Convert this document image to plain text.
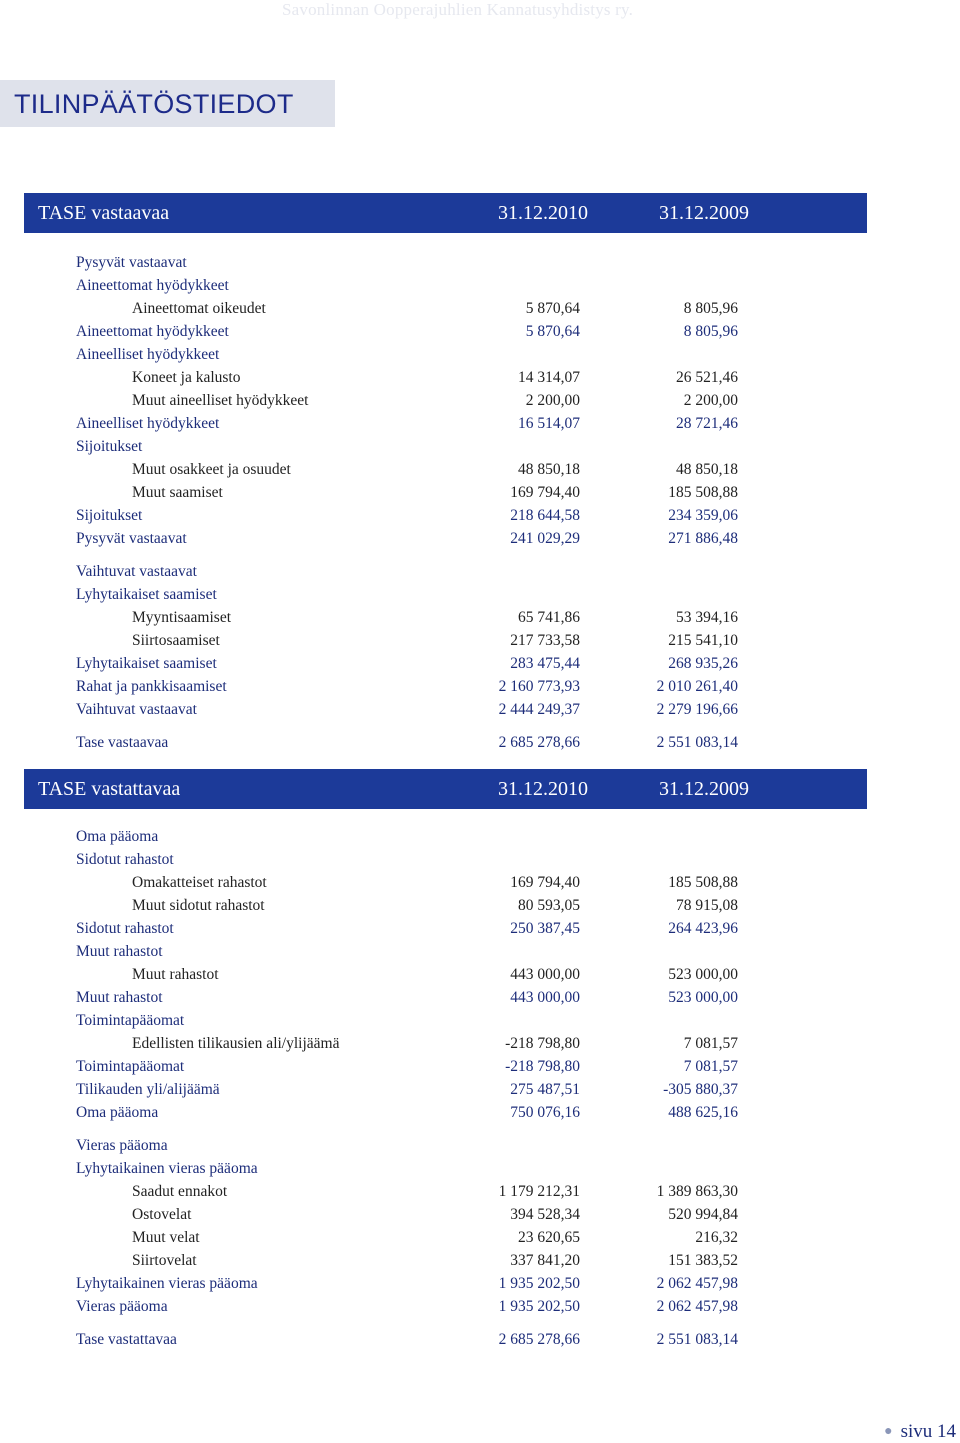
Savonlinnan Oopperajuhlien Kannatusyhdistys ry.
TILINPÄÄTÖSTIEDOT
TASE vastaavaa	31.12.2010	31.12.2009
TASE vastattavaa	31.12.2010	31.12.2009
Pysyvät vastaavat
Aineettomat hyödykkeet
Aineettomat oikeudet	5 870,64	8 805,96
Aineettomat hyödykkeet	5 870,64	8 805,96
Aineelliset hyödykkeet
Koneet ja kalusto	14 314,07	26 521,46
Muut aineelliset hyödykkeet	2 200,00	2 200,00
Aineelliset hyödykkeet	16 514,07	28 721,46
Sijoitukset
Muut osakkeet ja osuudet	48 850,18	48 850,18
Muut saamiset	169 794,40	185 508,88
Sijoitukset	218 644,58	234 359,06
Pysyvät vastaavat	241 029,29	271 886,48
Vaihtuvat vastaavat
Lyhytaikaiset saamiset
Myyntisaamiset	65 741,86	53 394,16
Siirtosaamiset	217 733,58	215 541,10
Lyhytaikaiset saamiset	283 475,44	268 935,26
Rahat ja pankkisaamiset	2 160 773,93	2 010 261,40
Vaihtuvat vastaavat	2 444 249,37	2 279 196,66
Tase vastaavaa	2 685 278,66	2 551 083,14
Oma pääoma
Sidotut rahastot
Omakatteiset rahastot	169 794,40	185 508,88
Muut sidotut rahastot	80 593,05	78 915,08
Sidotut rahastot	250 387,45	264 423,96
Muut rahastot
Muut rahastot	443 000,00	523 000,00
Muut rahastot	443 000,00	523 000,00
Toimintapääomat
Edellisten tilikausien ali/ylijäämä	-218 798,80	7 081,57
Toimintapääomat	-218 798,80	7 081,57
Tilikauden yli/alijäämä	275 487,51	-305 880,37
Oma pääoma	750 076,16	488 625,16
Vieras pääoma
Lyhytaikainen vieras pääoma
Saadut ennakot	1 179 212,31	1 389 863,30
Ostovelat	394 528,34	520 994,84
Muut velat	23 620,65	216,32
Siirtovelat	337 841,20	151 383,52
Lyhytaikainen vieras pääoma	1 935 202,50	2 062 457,98
Vieras pääoma	1 935 202,50	2 062 457,98
Tase vastattavaa	2 685 278,66	2 551 083,14
● sivu 14
